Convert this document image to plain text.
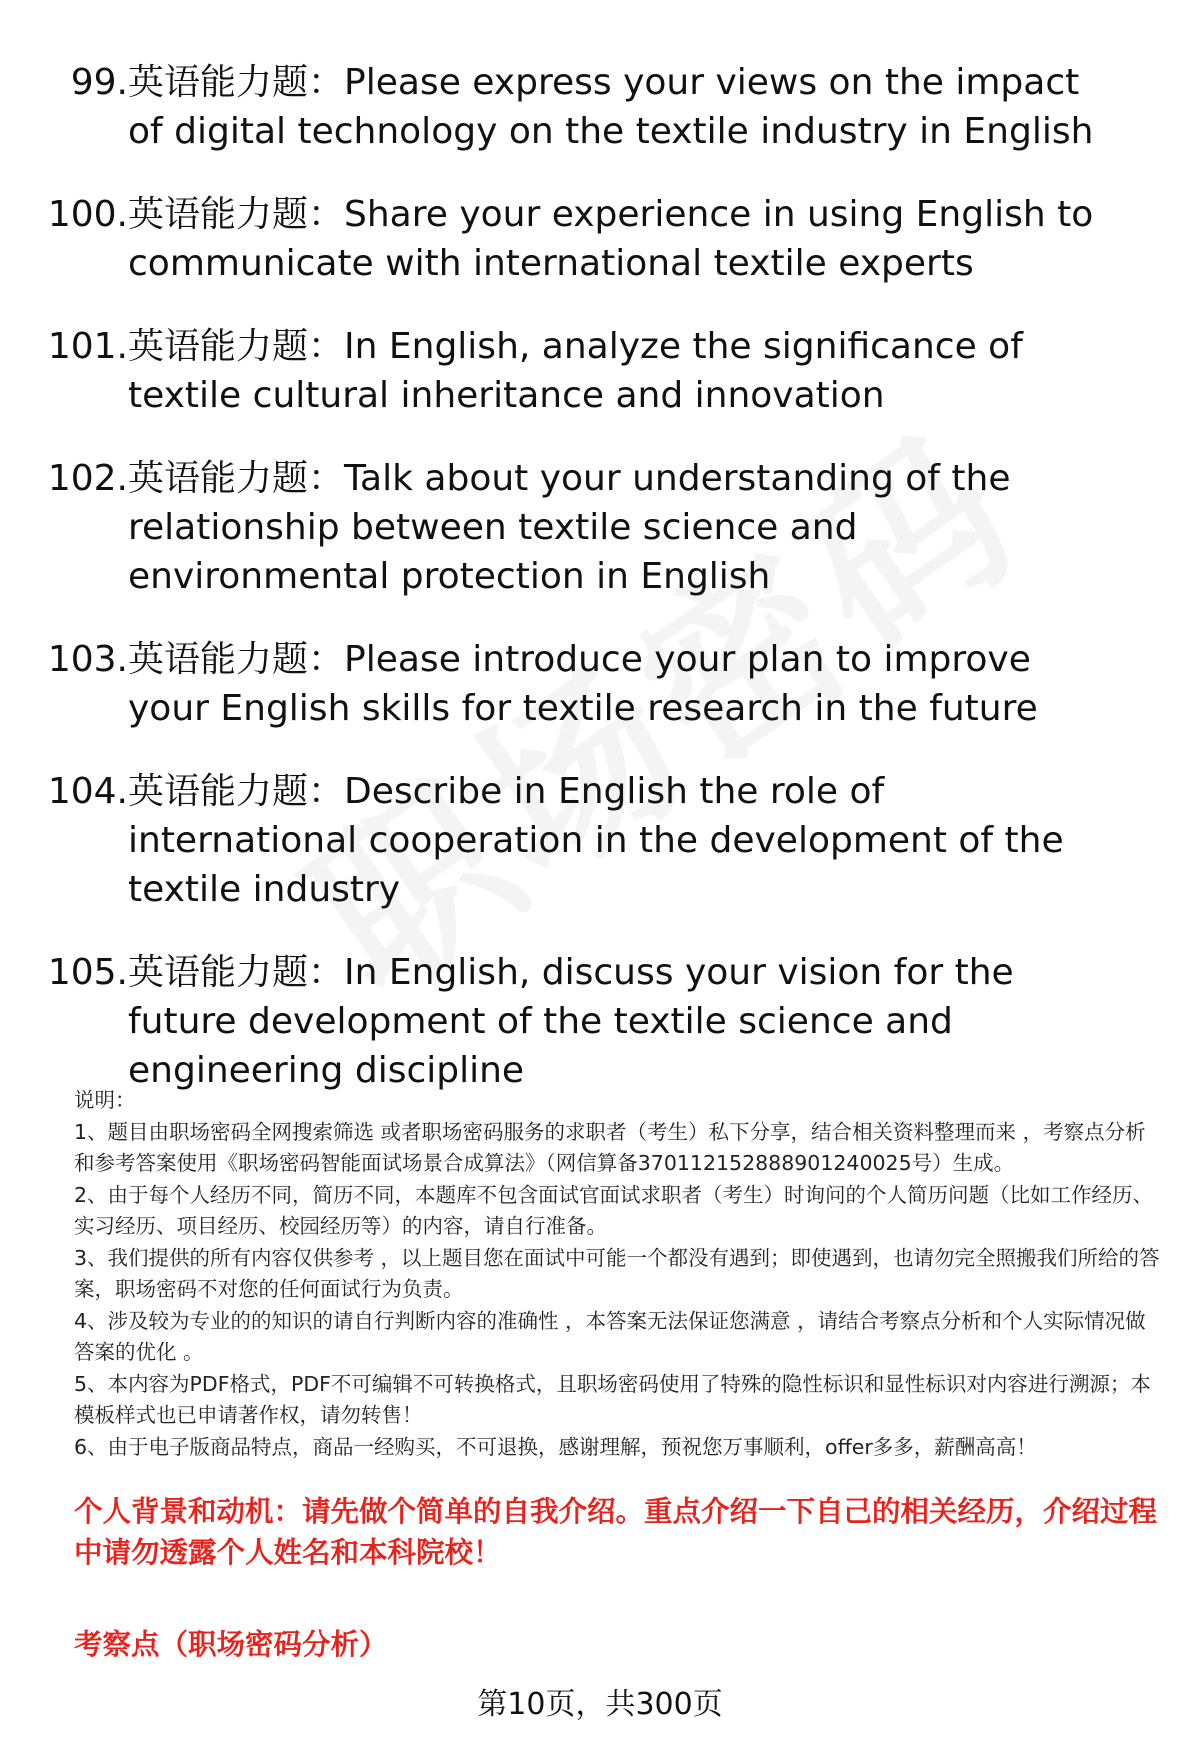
99. 英语能力题：Please express your views on the impact of digital technology on the textile industry in English
100. 英语能力题：Share your experience in using English to communicate with international textile experts
101. 英语能力题：In English, analyze the significance of textile cultural inheritance and innovation
102. 英语能力题：Talk about your understanding of the relationship between textile science and environmental protection in English
103. 英语能力题：Please introduce your plan to improve your English skills for textile research in the future
104. 英语能力题：Describe in English the role of international cooperation in the development of the textile industry
105. 英语能力题：In English, discuss your vision for the future development of the textile science and engineering discipline

说明：

1、题目由职场密码全网搜索筛选 或者职场密码服务的求职者（考生）私下分享，结合相关资料整理而来 ，考察点分析和参考答案使用《职场密码智能面试场景合成算法》（网信算备370112152888901240025号）生成。

2、由于每个人经历不同，简历不同，本题库不包含面试官面试求职者（考生）时询问的个人简历问题（比如工作经历、实习经历、项目经历、校园经历等）的内容，请自行准备。

3、我们提供的所有内容仅供参考 ，以上题目您在面试中可能一个都没有遇到；即使遇到，也请勿完全照搬我们所给的答案，职场密码不对您的任何面试行为负责。

4、涉及较为专业的的知识的请自行判断内容的准确性 ，本答案无法保证您满意 ，请结合考察点分析和个人实际情况做答案的优化 。

5、本内容为PDF格式，PDF不可编辑不可转换格式，且职场密码使用了特殊的隐性标识和显性标识对内容进行溯源；本模板样式也已申请著作权，请勿转售！

6、由于电子版商品特点，商品一经购买，不可退换，感谢理解，预祝您万事顺利，offer多多，薪酬高高！

个人背景和动机：请先做个简单的自我介绍。重点介绍一下自己的相关经历，介绍过程中请勿透露个人姓名和本科院校！
考察点（职场密码分析）
第10页，共300页
